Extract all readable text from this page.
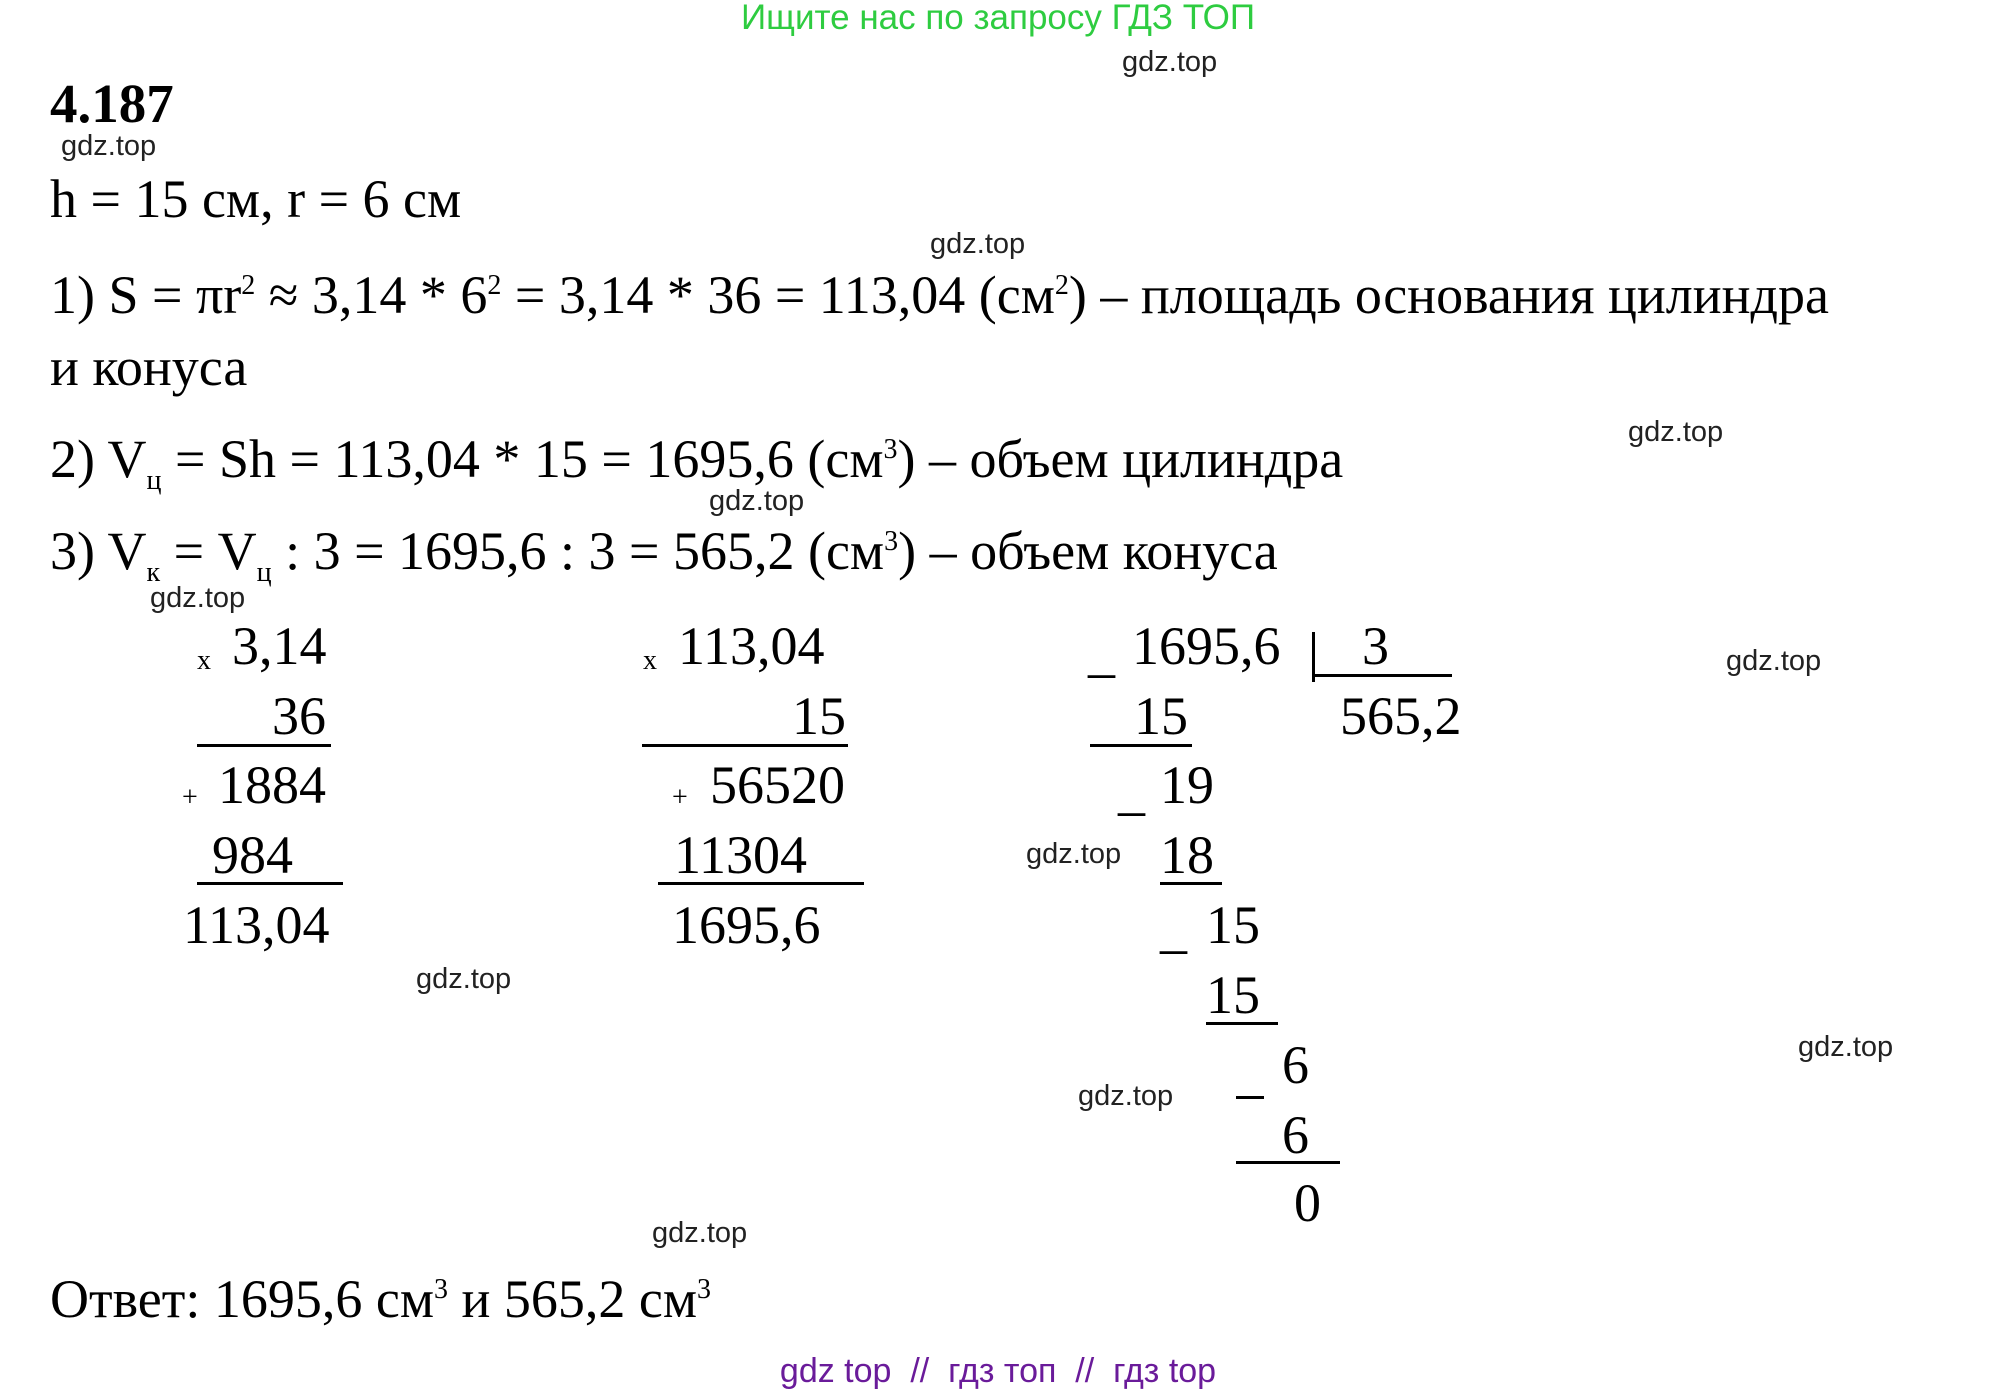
Ищите нас по запросу ГДЗ ТОП
gdz.top
gdz.top
gdz.top
gdz.top
gdz.top
gdz.top
gdz.top
gdz.top
gdz.top
gdz.top
gdz.top
gdz.top
4.187
h = 15 см, r = 6 см
1) $S = \pi r^2 \approx 3,14 * 6^2 = 3,14 * 36 = 113,04$ $(см^2)$ – площадь основания цилиндра
и конуса
2) $V_ц = Sh = 113,04 * 15 = 1695,6$ $(см^3)$ – объем цилиндра
3) $V_к = V_ц$ : 3 = 1695,6 : 3 = 565,2 $(см^3)$ – объем конуса
х 3,14
36
+ 1884
984
113,04
х 113,04
15
+ 56520
11304
1695,6
_ 1695,6 3
565,2
15
_ 19
18
_ 15
15
6
6
0
Ответ: 1695,6 $см^3$ и 565,2 $см^3$
gdz top  //  гдз топ  //  гдз top
